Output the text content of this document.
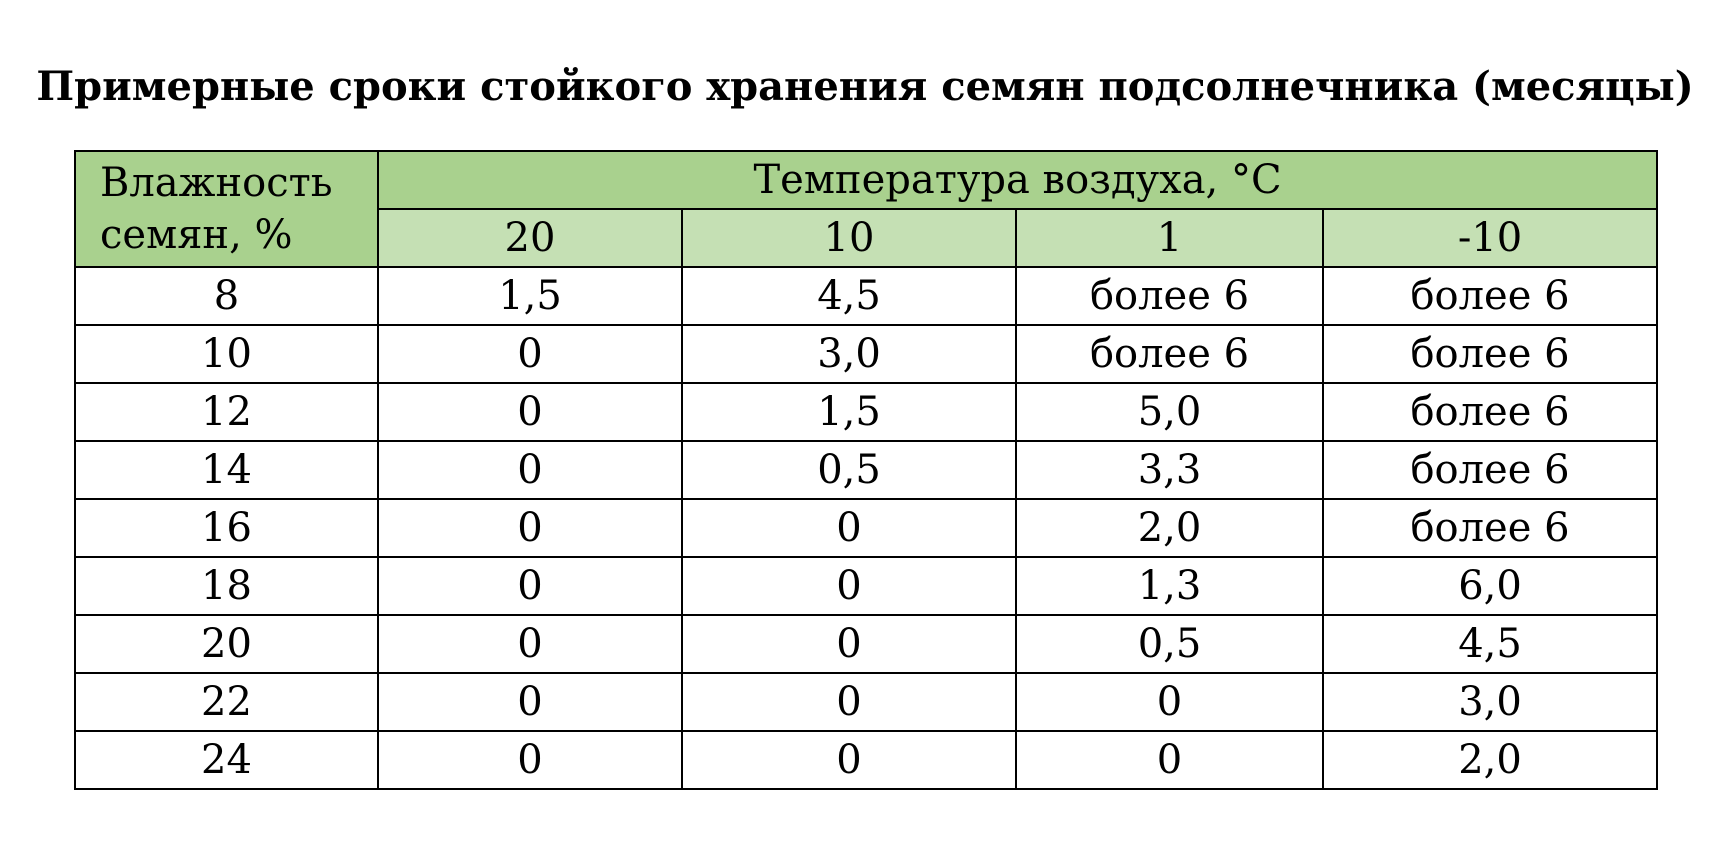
Примерные сроки стойкого хранения семян подсолнечника (месяцы)
Влажность семян, %	Температура воздуха, °С			
	20	10	1	-10
8	1,5	4,5	более 6	более 6
10	0	3,0	более 6	более 6
12	0	1,5	5,0	более 6
14	0	0,5	3,3	более 6
16	0	0	2,0	более 6
18	0	0	1,3	6,0
20	0	0	0,5	4,5
22	0	0	0	3,0
24	0	0	0	2,0
